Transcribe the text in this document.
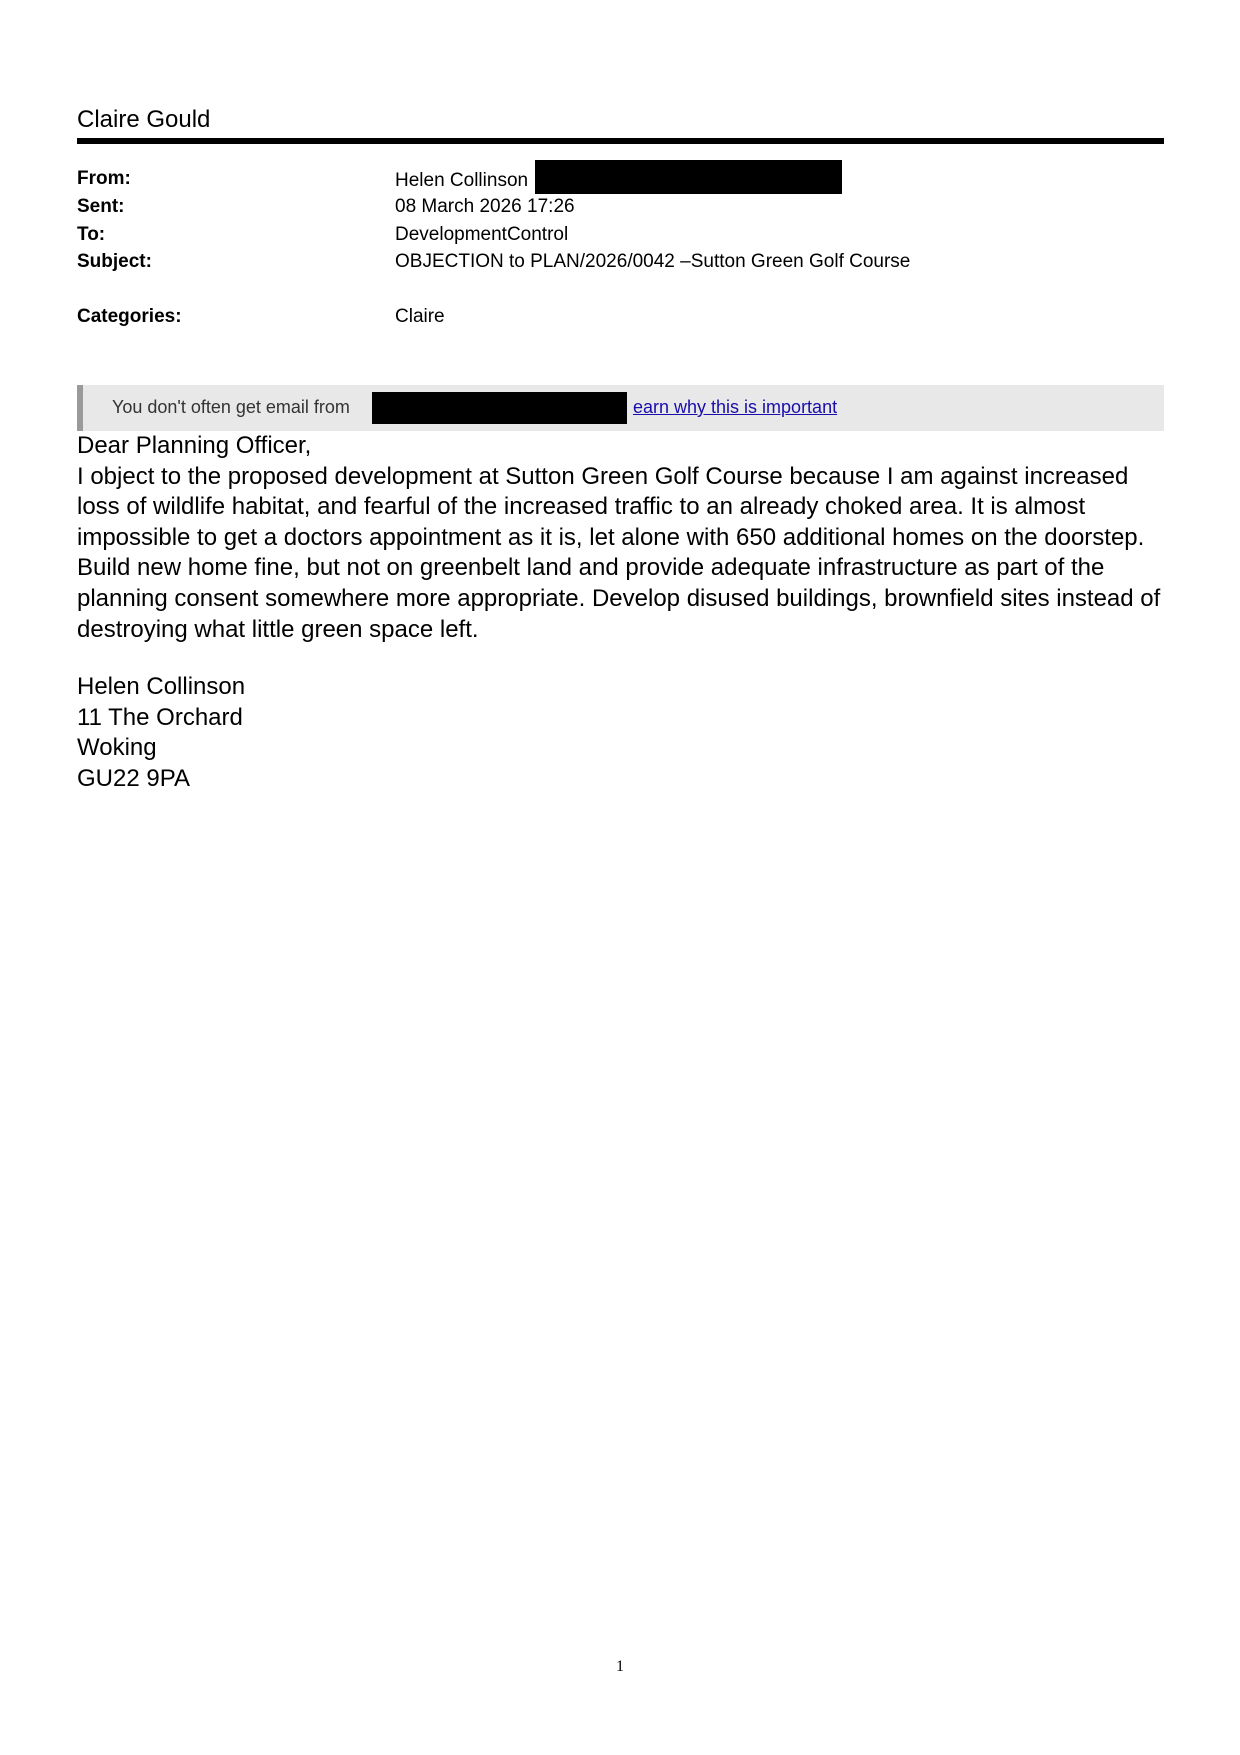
Claire Gould
From:	Helen Collinson
Sent:	08 March 2026 17:26
To:	DevelopmentControl
Subject:	OBJECTION to PLAN/2026/0042 –Sutton Green Golf Course
Categories:	Claire
You don't often get email from	earn why this is important

Dear Planning Officer,

I object to the proposed development at Sutton Green Golf Course because I am against increased loss of wildlife habitat, and fearful of the increased traffic to an already choked area. It is almost impossible to get a doctors appointment as it is, let alone with 650 additional homes on the doorstep. Build new home fine, but not on greenbelt land and provide adequate infrastructure as part of the planning consent somewhere more appropriate. Develop disused buildings, brownfield sites instead of destroying what little green space left.

Helen Collinson
11 The Orchard
Woking
GU22 9PA
1
